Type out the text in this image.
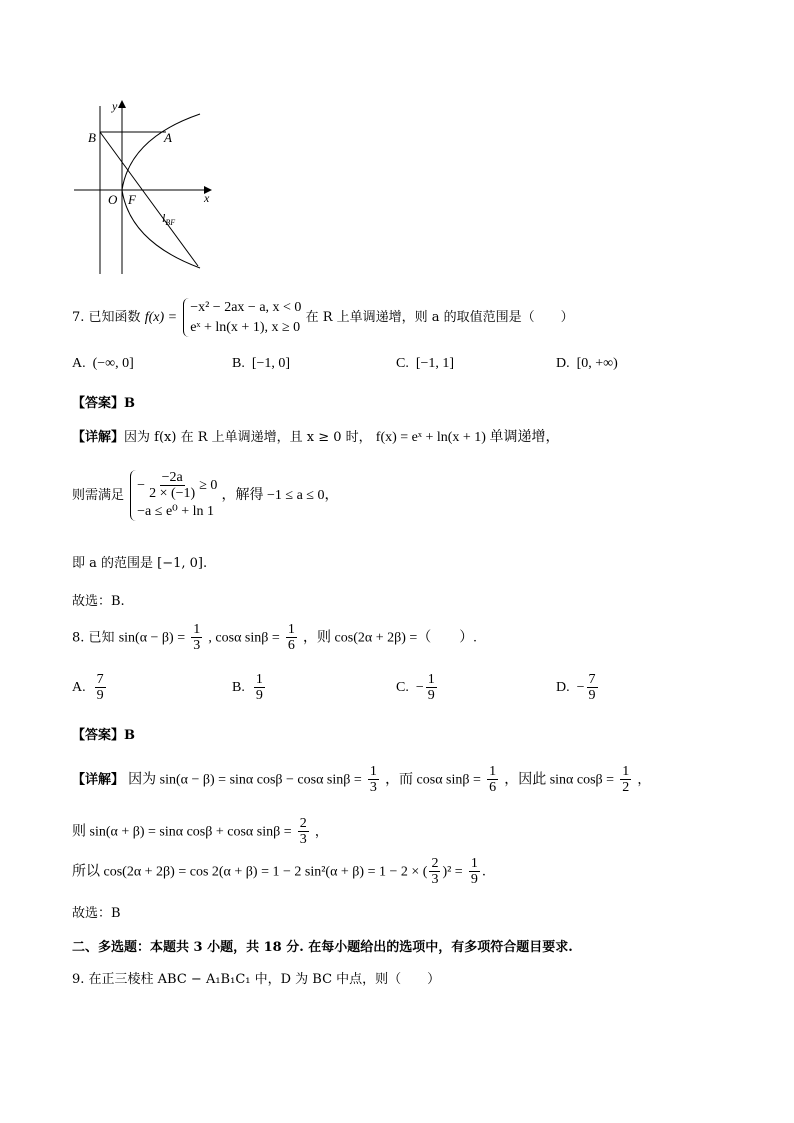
y
x
B	A
O F
$l_{BF}$
7. 已知函数 f(x) =
−x² − 2ax − a, x < 0
eˣ + ln(x + 1), x ≥ 0
在 R 上单调递增，则 a 的取值范围是（　　）
A. (−∞, 0]	B. [−1, 0]	C. [−1, 1]	D. [0, +∞)
【答案】B
【详解】因为 f(x) 在 R 上单调递增，且 x ≥ 0 时， f(x) = eˣ + ln(x + 1) 单调递增，
则需满足
− $\frac{-2a}{2 \times (-1)} \ge 0$
−a ≤ e⁰ + ln 1
，解得 −1 ≤ a ≤ 0，
即 a 的范围是 [−1, 0].
故选：B.
8. 已知 $\sin(\alpha - \beta) = \frac{1}{3}$ , cosα $\sin\beta = \frac{1}{6}$ ，则 cos(2α + 2β) =（　　）.
A. $\frac{7}{9}$	B. $\frac{1}{9}$	C. − $\frac{1}{9}$	D. − $\frac{7}{9}$
【答案】B
【详解】 因为 sin(α − β) = sinα cosβ − cosα $\sin\beta = \frac{1}{3}$ ，而 cosα $\sin\beta = \frac{1}{6}$ ，因此 sinα $\cos\beta = \frac{1}{2}$ ，
则 sin(α + β) = sinα cosβ + cosα $\sin\beta = \frac{2}{3}$ ，
所以 cos(2α + 2β) = cos 2(α + β) = 1 − 2 sin²(α + β) = 1 − 2 × ( $\frac{2}{3} )^2 = \frac{1}{9}$ .
故选：B
二、多选题：本题共 3 小题，共 18 分. 在每小题给出的选项中，有多项符合题目要求.
9. 在正三棱柱 ABC − A₁B₁C₁ 中，D 为 BC 中点，则（　　）
